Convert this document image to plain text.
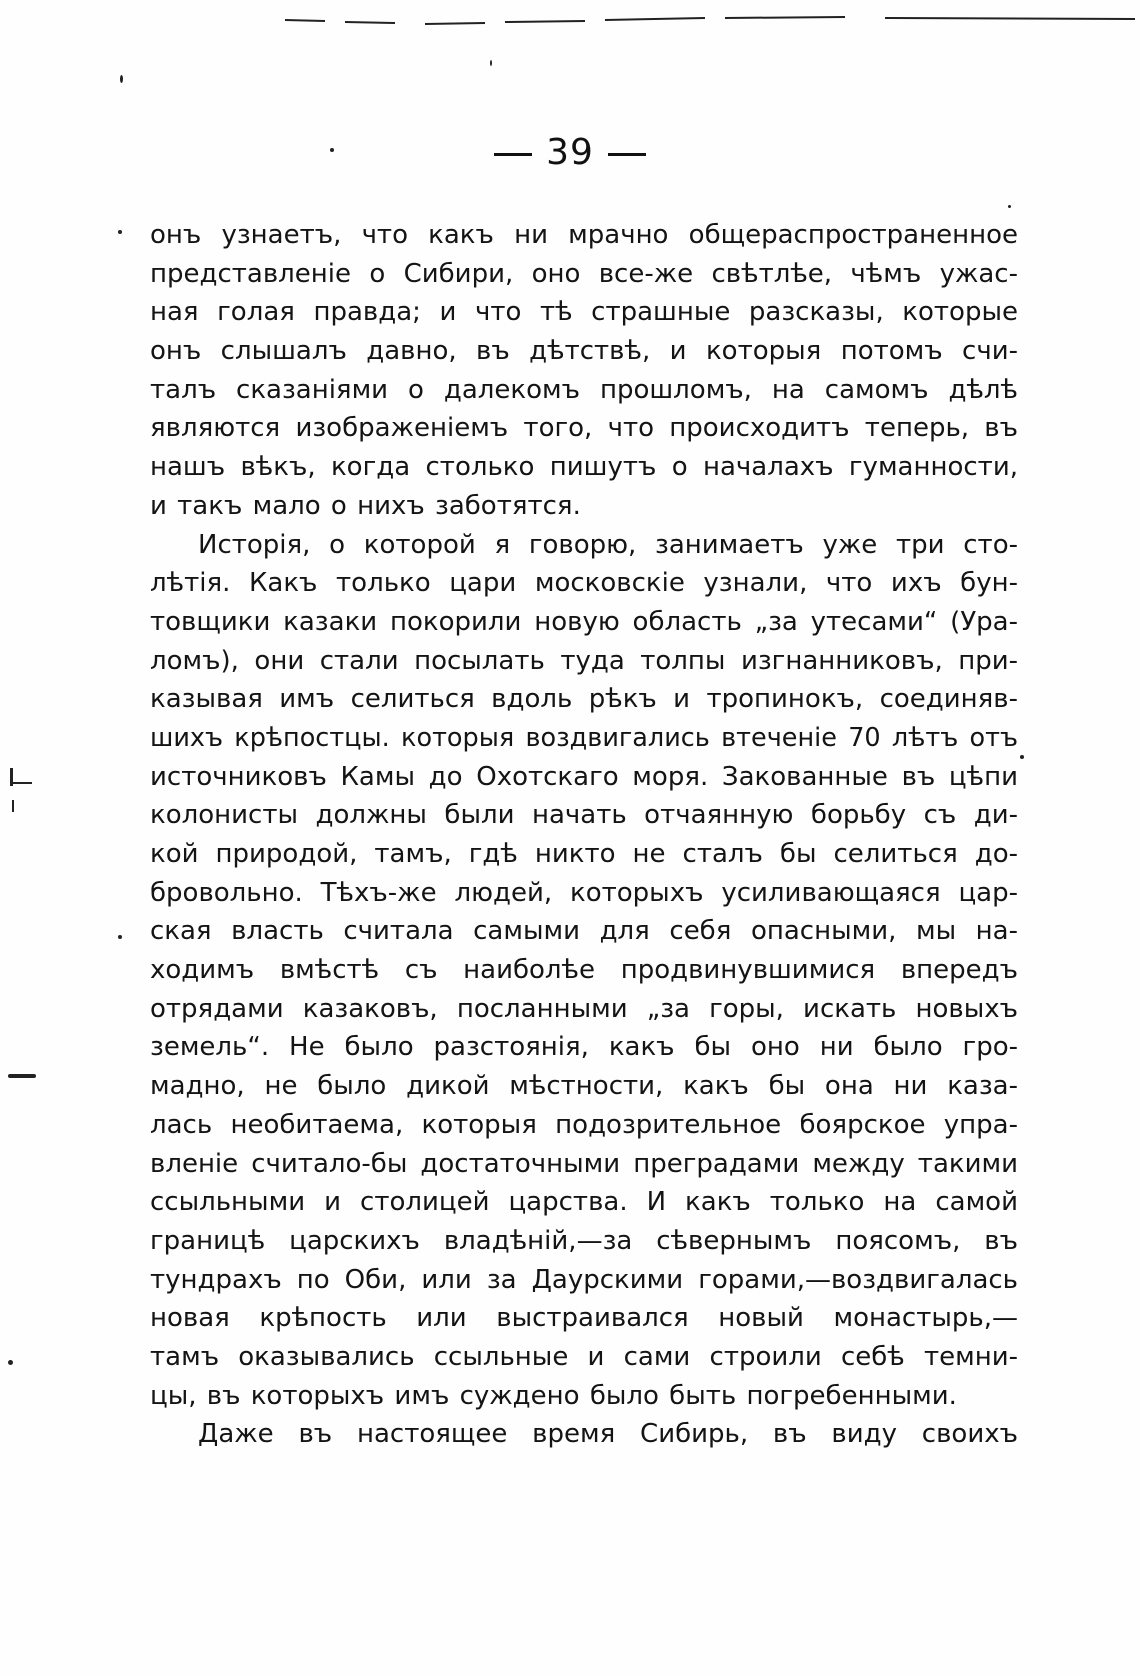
39
онъ узнаетъ, что какъ ни мрачно общераспространенное
представленіе о Сибири, оно все-же свѣтлѣе, чѣмъ ужас-
ная голая правда; и что тѣ страшные разсказы, которые
онъ слышалъ давно, въ дѣтствѣ, и которыя потомъ счи-
талъ сказаніями о далекомъ прошломъ, на самомъ дѣлѣ
являются изображеніемъ того, что происходитъ теперь, въ
нашъ вѣкъ, когда столько пишутъ о началахъ гуманности,
и такъ мало о нихъ заботятся.
Исторія, о которой я говорю, занимаетъ уже три сто-
лѣтія. Какъ только цари московскіе узнали, что ихъ бун-
товщики казаки покорили новую область „за утесами“ (Ура-
ломъ), они стали посылать туда толпы изгнанниковъ, при-
казывая имъ селиться вдоль рѣкъ и тропинокъ, соединяв-
шихъ крѣпостцы. которыя воздвигались втеченіе 70 лѣтъ отъ
источниковъ Камы до Охотскаго моря. Закованные въ цѣпи
колонисты должны были начать отчаянную борьбу съ ди-
кой природой, тамъ, гдѣ никто не сталъ бы селиться до-
бровольно. Тѣхъ-же людей, которыхъ усиливающаяся цар-
ская власть считала самыми для себя опасными, мы на-
ходимъ вмѣстѣ съ наиболѣе продвинувшимися впередъ
отрядами казаковъ, посланными „за горы, искать новыхъ
земель“. Не было разстоянія, какъ бы оно ни было гро-
мадно, не было дикой мѣстности, какъ бы она ни каза-
лась необитаема, которыя подозрительное боярское упра-
вленіе считало-бы достаточными преградами между такими
ссыльными и столицей царства. И какъ только на самой
границѣ царскихъ владѣній,—за сѣвернымъ поясомъ, въ
тундрахъ по Оби, или за Даурскими горами,—воздвигалась
новая крѣпость или выстраивался новый монастырь,—
тамъ оказывались ссыльные и сами строили себѣ темни-
цы, въ которыхъ имъ суждено было быть погребенными.
Даже въ настоящее время Сибирь, въ виду своихъ
